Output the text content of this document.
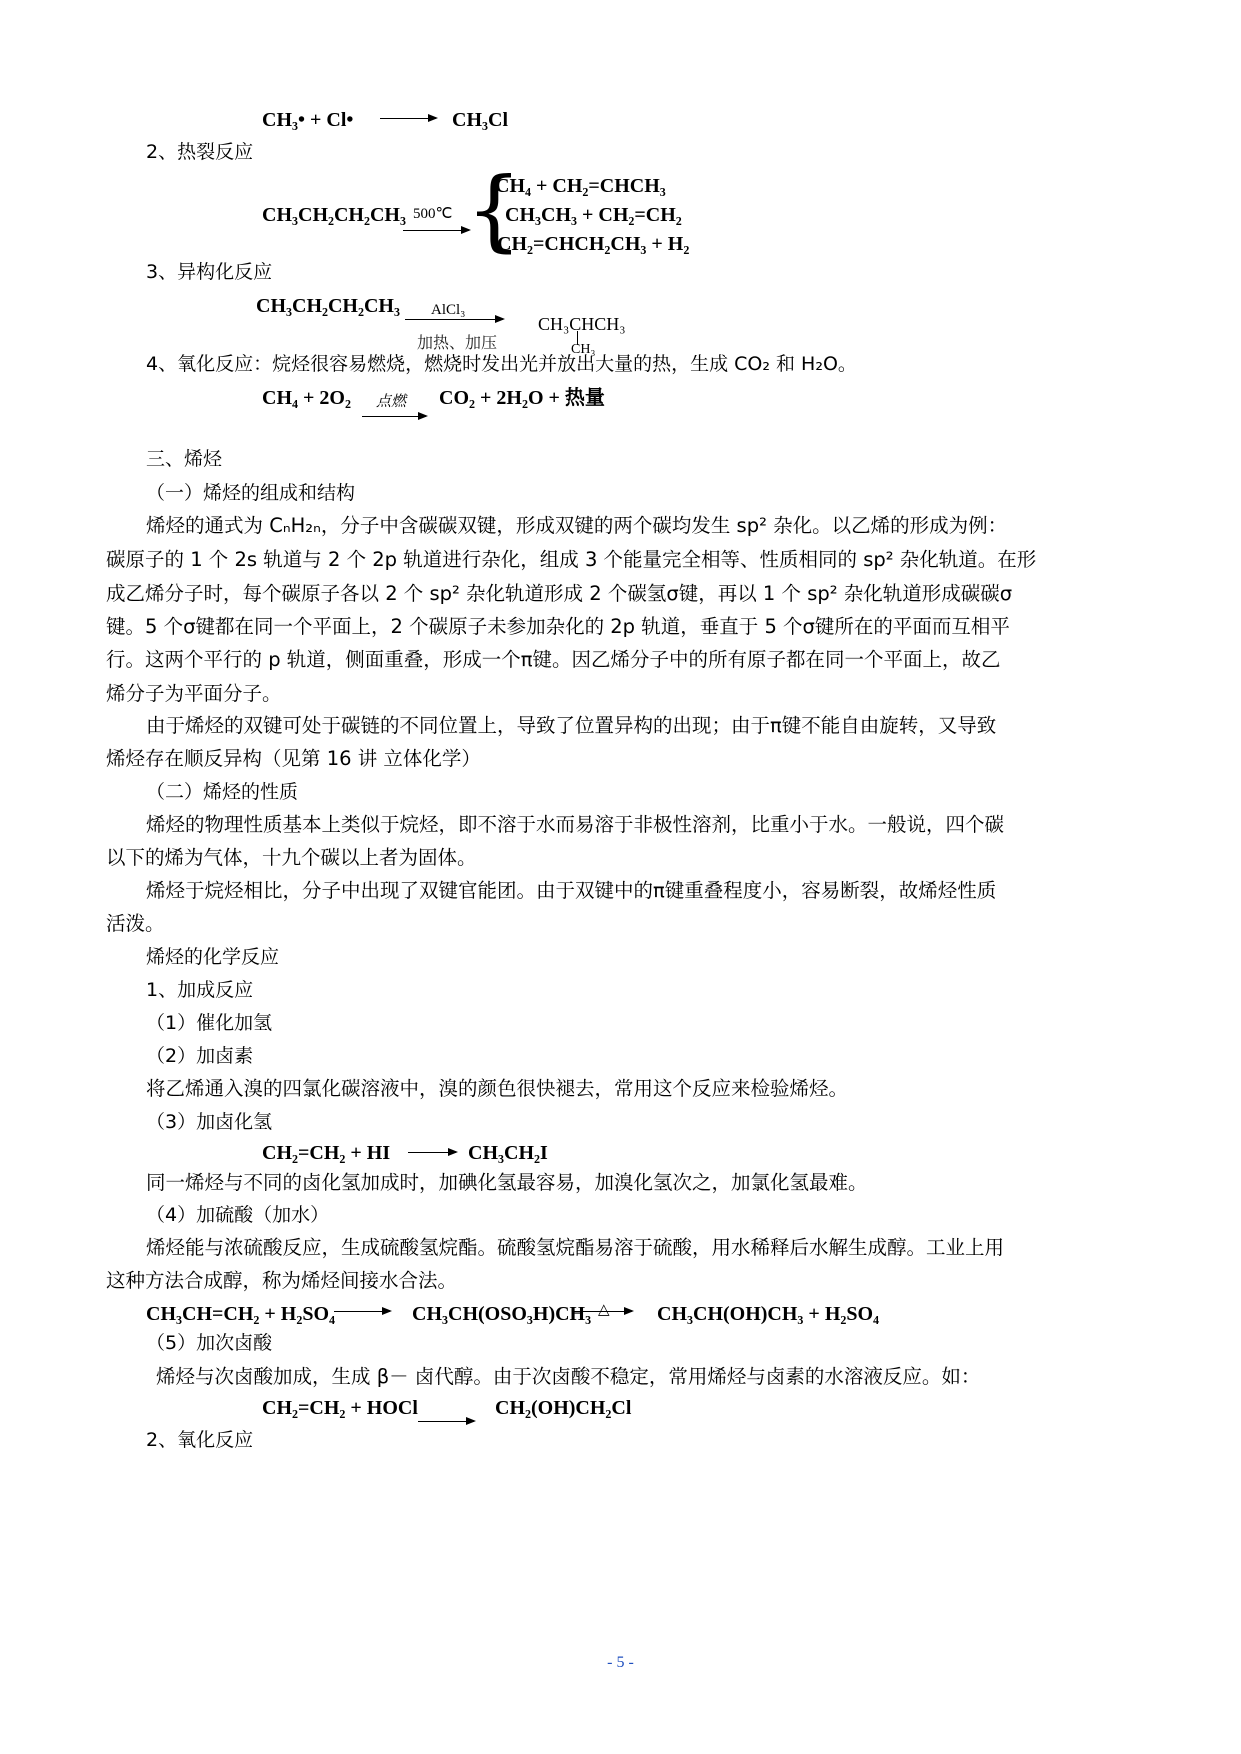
CH₃• + Cl• → CH₃Cl
2、热裂反应
CH₃CH₂CH₂CH₃ 500℃ {
CH₄ + CH₂=CHCH₃
CH₃CH₃ + CH₂=CH₂
CH₂=CHCH₂CH₃ + H₂
3、异构化反应
CH₃CH₂CH₂CH₃ AlCl₃
加热、加压
CH₃CHCH₃
CH₃
4、氧化反应：烷烃很容易燃烧，燃烧时发出光并放出大量的热，生成 CO₂ 和 H₂O。
CH₄ + 2O₂ 点燃 CO₂ + 2H₂O + 热量
三、烯烃
（一）烯烃的组成和结构
烯烃的通式为 CₙH₂ₙ，分子中含碳碳双键，形成双键的两个碳均发生 sp² 杂化。以乙烯的形成为例：
碳原子的 1 个 2s 轨道与 2 个 2p 轨道进行杂化，组成 3 个能量完全相等、性质相同的 sp² 杂化轨道。在形
成乙烯分子时，每个碳原子各以 2 个 sp² 杂化轨道形成 2 个碳氢σ键，再以 1 个 sp² 杂化轨道形成碳碳σ
键。5 个σ键都在同一个平面上，2 个碳原子未参加杂化的 2p 轨道，垂直于 5 个σ键所在的平面而互相平
行。这两个平行的 p 轨道，侧面重叠，形成一个π键。因乙烯分子中的所有原子都在同一个平面上，故乙
烯分子为平面分子。
由于烯烃的双键可处于碳链的不同位置上，导致了位置异构的出现；由于π键不能自由旋转，又导致
烯烃存在顺反异构（见第 16 讲 立体化学）
（二）烯烃的性质
烯烃的物理性质基本上类似于烷烃，即不溶于水而易溶于非极性溶剂，比重小于水。一般说，四个碳
以下的烯为气体，十九个碳以上者为固体。
烯烃于烷烃相比，分子中出现了双键官能团。由于双键中的π键重叠程度小，容易断裂，故烯烃性质
活泼。
烯烃的化学反应
1、加成反应
（1）催化加氢
（2）加卤素
将乙烯通入溴的四氯化碳溶液中，溴的颜色很快褪去，常用这个反应来检验烯烃。
（3）加卤化氢
CH₂=CH₂ + HI → CH₃CH₂I
同一烯烃与不同的卤化氢加成时，加碘化氢最容易，加溴化氢次之，加氯化氢最难。
（4）加硫酸（加水）
烯烃能与浓硫酸反应，生成硫酸氢烷酯。硫酸氢烷酯易溶于硫酸，用水稀释后水解生成醇。工业上用
这种方法合成醇，称为烯烃间接水合法。
CH₃CH=CH₂ + H₂SO₄ → CH₃CH(OSO₃H)CH₃ △ CH₃CH(OH)CH₃ + H₂SO₄
（5）加次卤酸
烯烃与次卤酸加成，生成 β－ 卤代醇。由于次卤酸不稳定，常用烯烃与卤素的水溶液反应。如：
CH₂=CH₂ + HOCl	CH₂(OH)CH₂Cl
2、氧化反应
- 5 -
